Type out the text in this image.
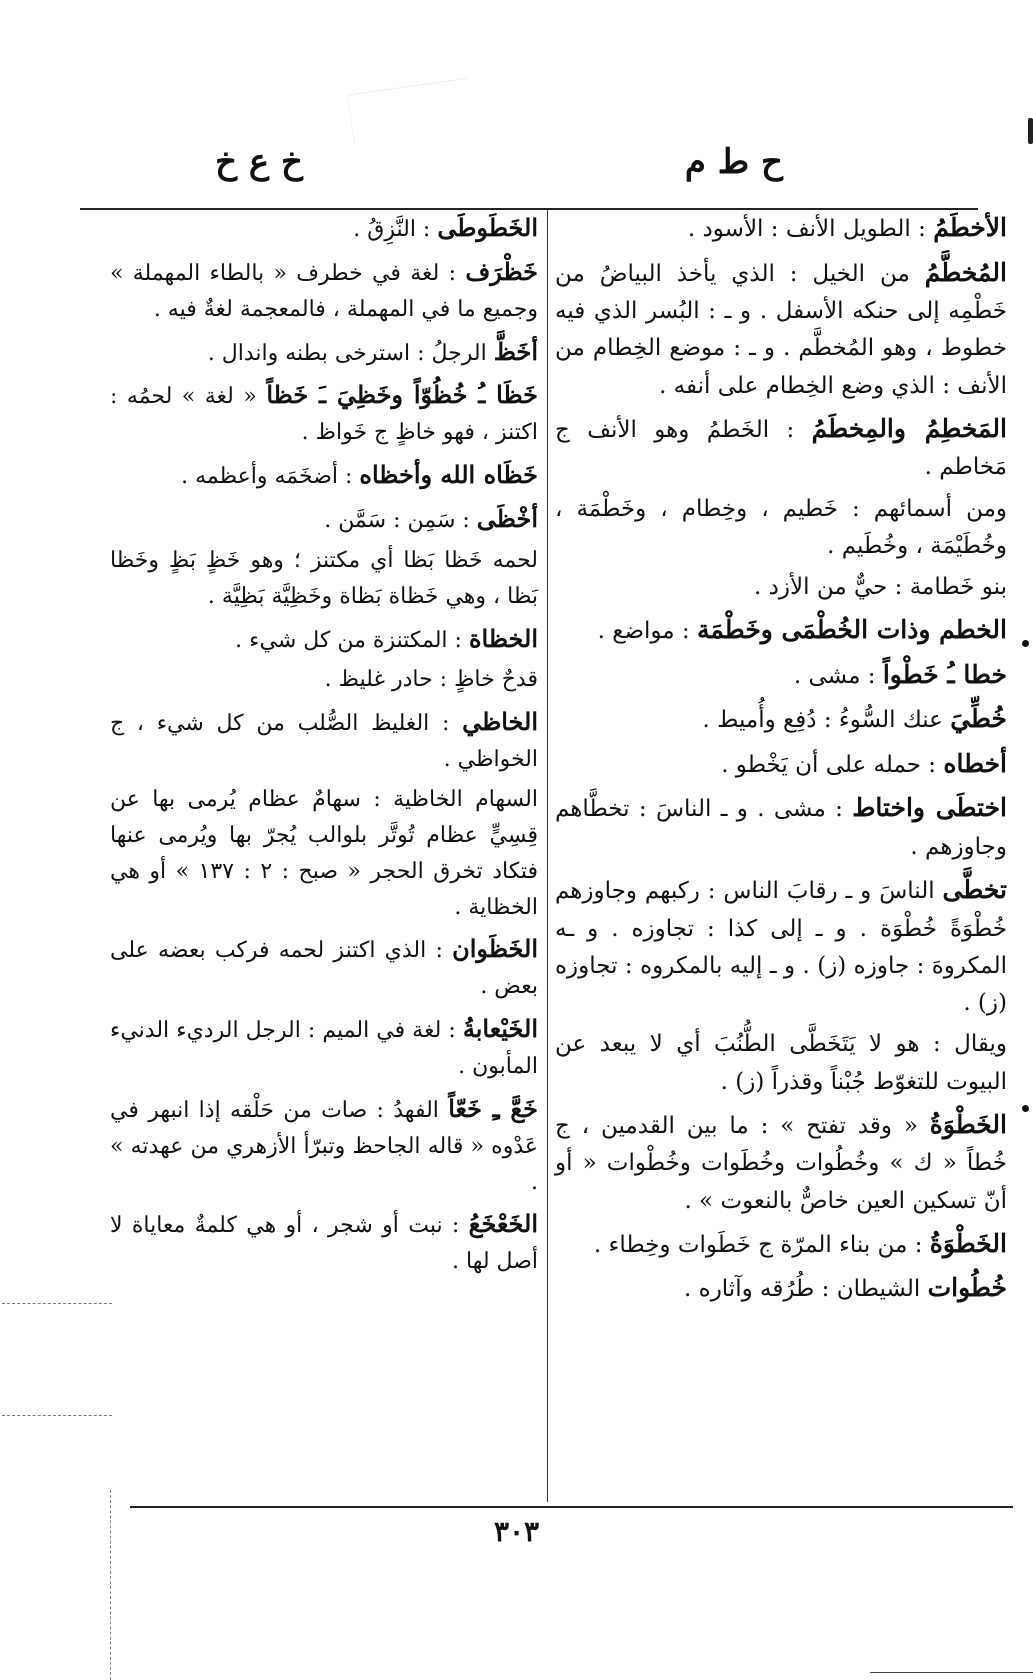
ح ط م
خ ع خ

الأخطَمُ : الطويل الأنف : الأسود .

المُخطَّمُ من الخيل : الذي يأخذ البياضُ من خَطْمِه إلى حنكه الأسفل . و ـ : البُسر الذي فيه خطوط ، وهو المُخطَّم . و ـ : موضع الخِطام من الأنف : الذي وضع الخِطام على أنفه .

المَخطِمُ والمِخطَمُ : الخَطمُ وهو الأنف ج مَخاطم .

ومن أسمائهم : خَطيم ، وخِطام ، وخَطْمَة ، وخُطَيْمَة ، وخُطَيم .

بنو خَطامة : حيٌّ من الأزد .

الخطم وذات الخُطْمَى وخَطْمَة : مواضع .

خطا ـُ خَطْواً : مشى .

خُطِّيَ عنك السُّوءُ : دُفِع وأُميط .

أخطاه : حمله على أن يَخْطو .

اختطَى واختاط : مشى . و ـ الناسَ : تخطَّاهم وجاوزهم .

تخطَّى الناسَ و ـ رقابَ الناس : ركبهم وجاوزهم خُطْوَةً خُطْوَة . و ـ إلى كذا : تجاوزه . و ـه المكروهَ : جاوزه (ز) . و ـ إليه بالمكروه : تجاوزه (ز) .

ويقال : هو لا يَتَخَطَّى الطُّنُبَ أي لا يبعد عن البيوت للتغوّط جُبْناً وقذراً (ز) .

الخَطْوَةُ « وقد تفتح » : ما بين القدمين ، ج خُطاً « ك » وخُطُوات وخُطَوات وخُطْوات « أو أنّ تسكين العين خاصٌّ بالنعوت » .

الخَطْوَةُ : من بناء المرّة ج خَطَوات وخِطاء .

خُطُوات الشيطان : طُرُقه وآثاره .

الخَطَوطَى : النَّزِقُ .

خَظْرَف : لغة في خطرف « بالطاء المهملة » وجميع ما في المهملة ، فالمعجمة لغةٌ فيه .

أخَظَّ الرجلُ : استرخى بطنه واندال .

خَظَا ـُ خُظُوّاً وخَظِيَ ـَ خَظاً « لغة » لحمُه : اكتنز ، فهو خاظٍ ج خَواظ .

خَظَاه الله وأخظاه : أضخَمَه وأعظمه .

أخْظَى : سَمِن : سَمَّن .

لحمه خَظا بَظا أي مكتنز ؛ وهو خَظٍ بَظٍ وخَظا بَظا ، وهي خَظاة بَظاة وخَظِيَّة بَظِيَّة .

الخظاة : المكتنزة من كل شيء .

قدحٌ خاظٍ : حادر غليظ .

الخاظي : الغليظ الصُّلب من كل شيء ، ج الخواظي .

السهام الخاظية : سهامٌ عظام يُرمى بها عن قِسِيٍّ عظام تُوتَّر بلوالب يُجرّ بها ويُرمى عنها فتكاد تخرق الحجر « صبح : ٢ : ١٣٧ » أو هي الخظاية .

الخَظَوان : الذي اكتنز لحمه فركب بعضه على بعض .

الخَيْعابةُ : لغة في الميم : الرجل الرديء الدنيء المأبون .

خَعَّ ـِ خَعّاً الفهدُ : صات من حَلْقه إذا انبهر في عَدْوه « قاله الجاحظ وتبرّأ الأزهري من عهدته » .

الخَعْخَعُ : نبت أو شجر ، أو هي كلمةٌ معاياة لا أصل لها .

٣٠٣
